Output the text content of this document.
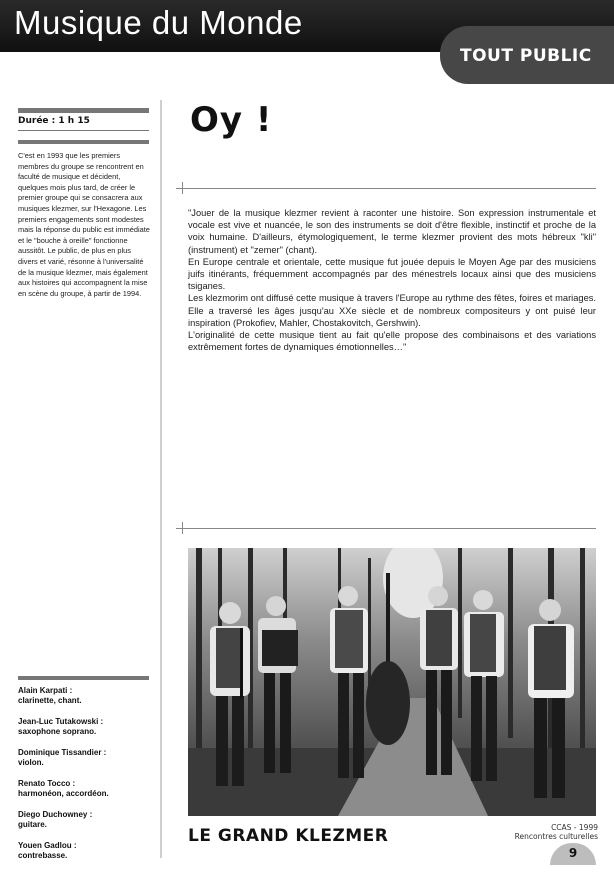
Musique du Monde
TOUT PUBLIC
Durée : 1 h 15
C'est en 1993 que les premiers membres du groupe se rencontrent en faculté de musique et décident, quelques mois plus tard, de créer le premier groupe qui se consacrera aux musiques klezmer, sur l'Hexagone. Les premiers engagements sont modestes mais la réponse du public est immédiate et le "bouche à oreille" fonctionne aussitôt. Le public, de plus en plus divers et varié, résonne à l'universalité de la musique klezmer, mais également aux histoires qui accompagnent la mise en scène du groupe, à partir de 1994.
Alain Karpati :
clarinette, chant.
Jean-Luc Tutakowski :
saxophone soprano.
Dominique Tissandier :
violon.
Renato Tocco :
harmonéon, accordéon.
Diego Duchowney :
guitare.
Youen Gadlou :
contrebasse.
Oy !

"Jouer de la musique klezmer revient à raconter une histoire. Son expression instrumentale et vocale est vive et nuancée, le son des instruments se doit d'être flexible, instinctif et proche de la voix humaine. D'ailleurs, étymologiquement, le terme klezmer provient des mots hébreux "kli" (instrument) et "zemer" (chant).

En Europe centrale et orientale, cette musique fut jouée depuis le Moyen Age par des musiciens juifs itinérants, fréquemment accompagnés par des ménestrels locaux ainsi que des musiciens tsiganes.

Les klezmorim ont diffusé cette musique à travers l'Europe au rythme des fêtes, foires et mariages. Elle a traversé les âges jusqu'au XXe siècle et de nombreux compositeurs y ont puisé leur inspiration (Prokofiev, Mahler, Chostakovitch, Gershwin).

L'originalité de cette musique tient au fait qu'elle propose des combinaisons et des variations extrêmement fortes de dynamiques émotionnelles…"

LE GRAND KLEZMER	CCAS - 1999
Rencontres culturelles
9
